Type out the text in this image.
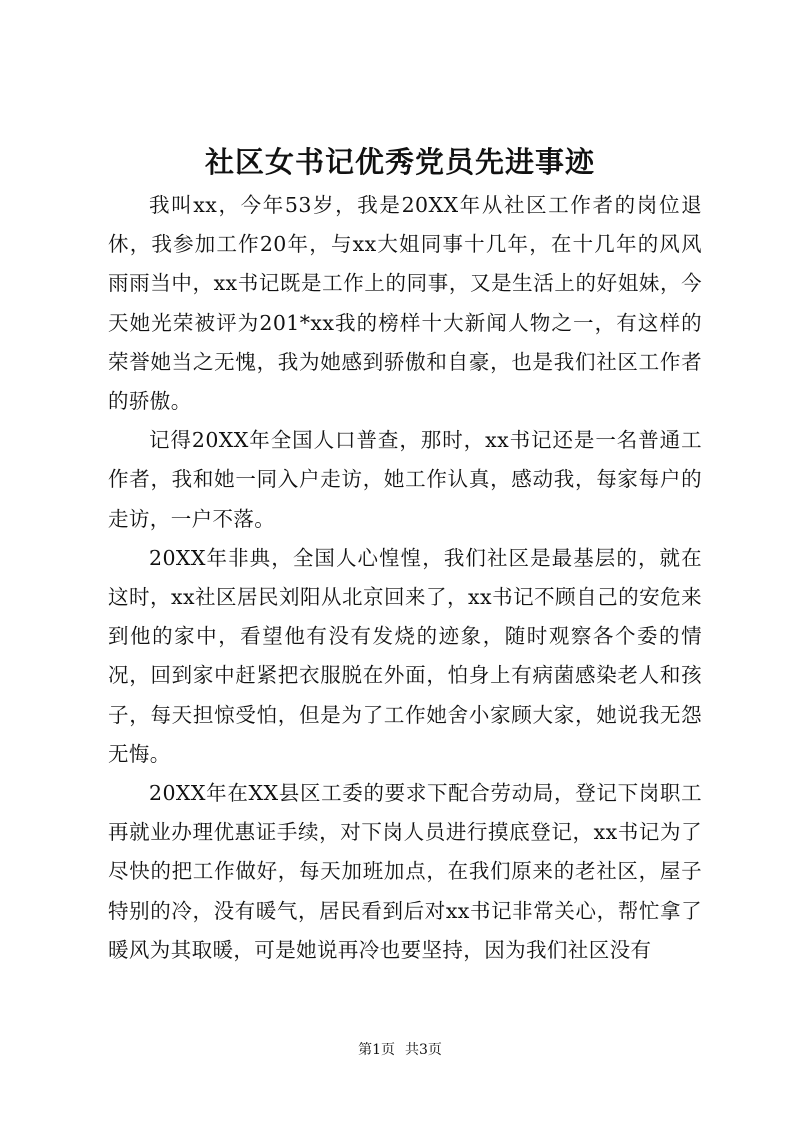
社区女书记优秀党员先进事迹

我叫xx，今年53岁，我是20XX年从社区工作者的岗位退休，我参加工作20年，与xx大姐同事十几年，在十几年的风风雨雨当中，xx书记既是工作上的同事，又是生活上的好姐妹，今天她光荣被评为201*xx我的榜样十大新闻人物之一，有这样的荣誉她当之无愧，我为她感到骄傲和自豪，也是我们社区工作者的骄傲。

记得20XX年全国人口普查，那时，xx书记还是一名普通工作者，我和她一同入户走访，她工作认真，感动我，每家每户的走访，一户不落。

20XX年非典，全国人心惶惶，我们社区是最基层的，就在这时，xx社区居民刘阳从北京回来了，xx书记不顾自己的安危来到他的家中，看望他有没有发烧的迹象，随时观察各个委的情况，回到家中赶紧把衣服脱在外面，怕身上有病菌感染老人和孩子，每天担惊受怕，但是为了工作她舍小家顾大家，她说我无怨无悔。

20XX年在XX县区工委的要求下配合劳动局，登记下岗职工再就业办理优惠证手续，对下岗人员进行摸底登记，xx书记为了尽快的把工作做好，每天加班加点，在我们原来的老社区，屋子特别的冷，没有暖气，居民看到后对xx书记非常关心，帮忙拿了暖风为其取暖，可是她说再冷也要坚持，因为我们社区没有

第1页 共3页
